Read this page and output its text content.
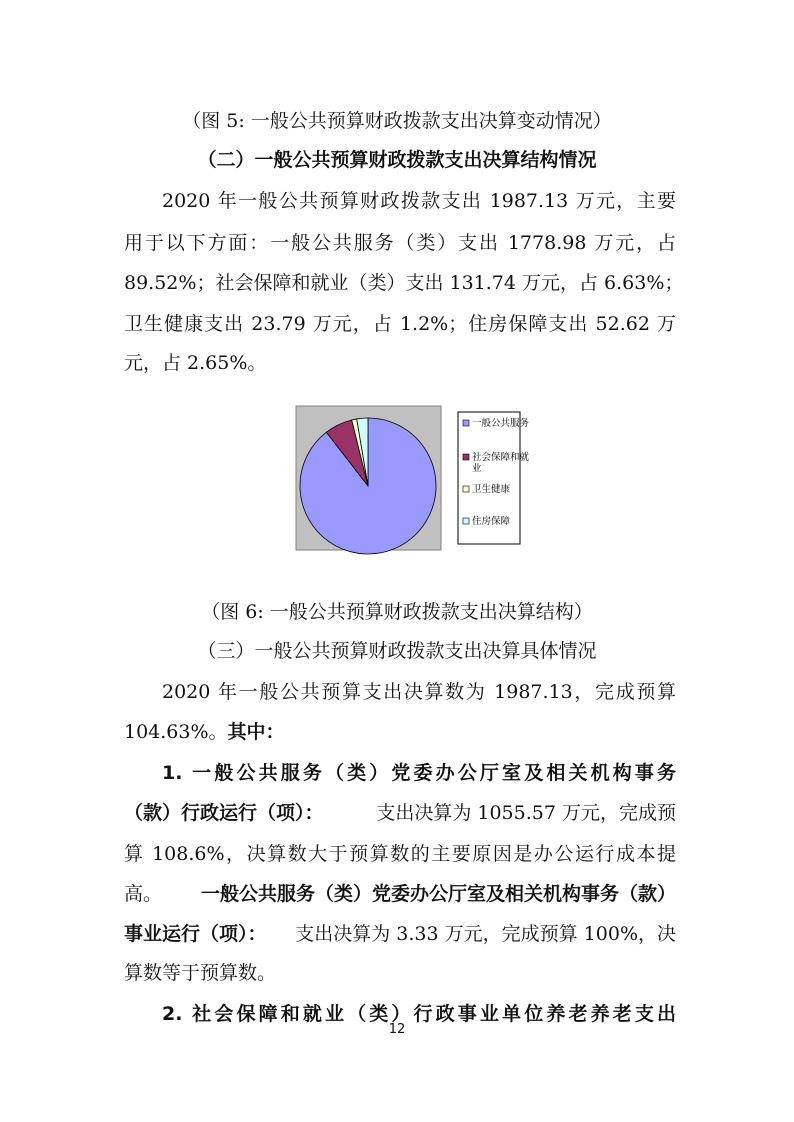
（图 5: 一般公共预算财政拨款支出决算变动情况）
（二）一般公共预算财政拨款支出决算结构情况
2020 年一般公共预算财政拨款支出 1987.13 万元，主要
用于以下方面：一般公共服务（类）支出 1778.98 万元，占
89.52%；社会保障和就业（类）支出 131.74 万元，占 6.63%；
卫生健康支出 23.79 万元，占 1.2%；住房保障支出 52.62 万
元，占 2.65%。
一般公共服务
社会保障和就
业
卫生健康
住房保障
（图 6: 一般公共预算财政拨款支出决算结构）
（三）一般公共预算财政拨款支出决算具体情况
2020 年一般公共预算支出决算数为 1987.13，完成预算
104.63%。其中：
1. 一般公共服务（类）党委办公厅室及相关机构事务
（款）行政运行（项）：	支出决算为 1055.57 万元，完成预
算 108.6%，决算数大于预算数的主要原因是办公运行成本提
高。 一般公共服务（类）党委办公厅室及相关机构事务（款）
事业运行（项）： 支出决算为 3.33 万元，完成预算 100%，决
算数等于预算数。
2. 社会保障和就业（类）行政事业单位养老养老支出
12
